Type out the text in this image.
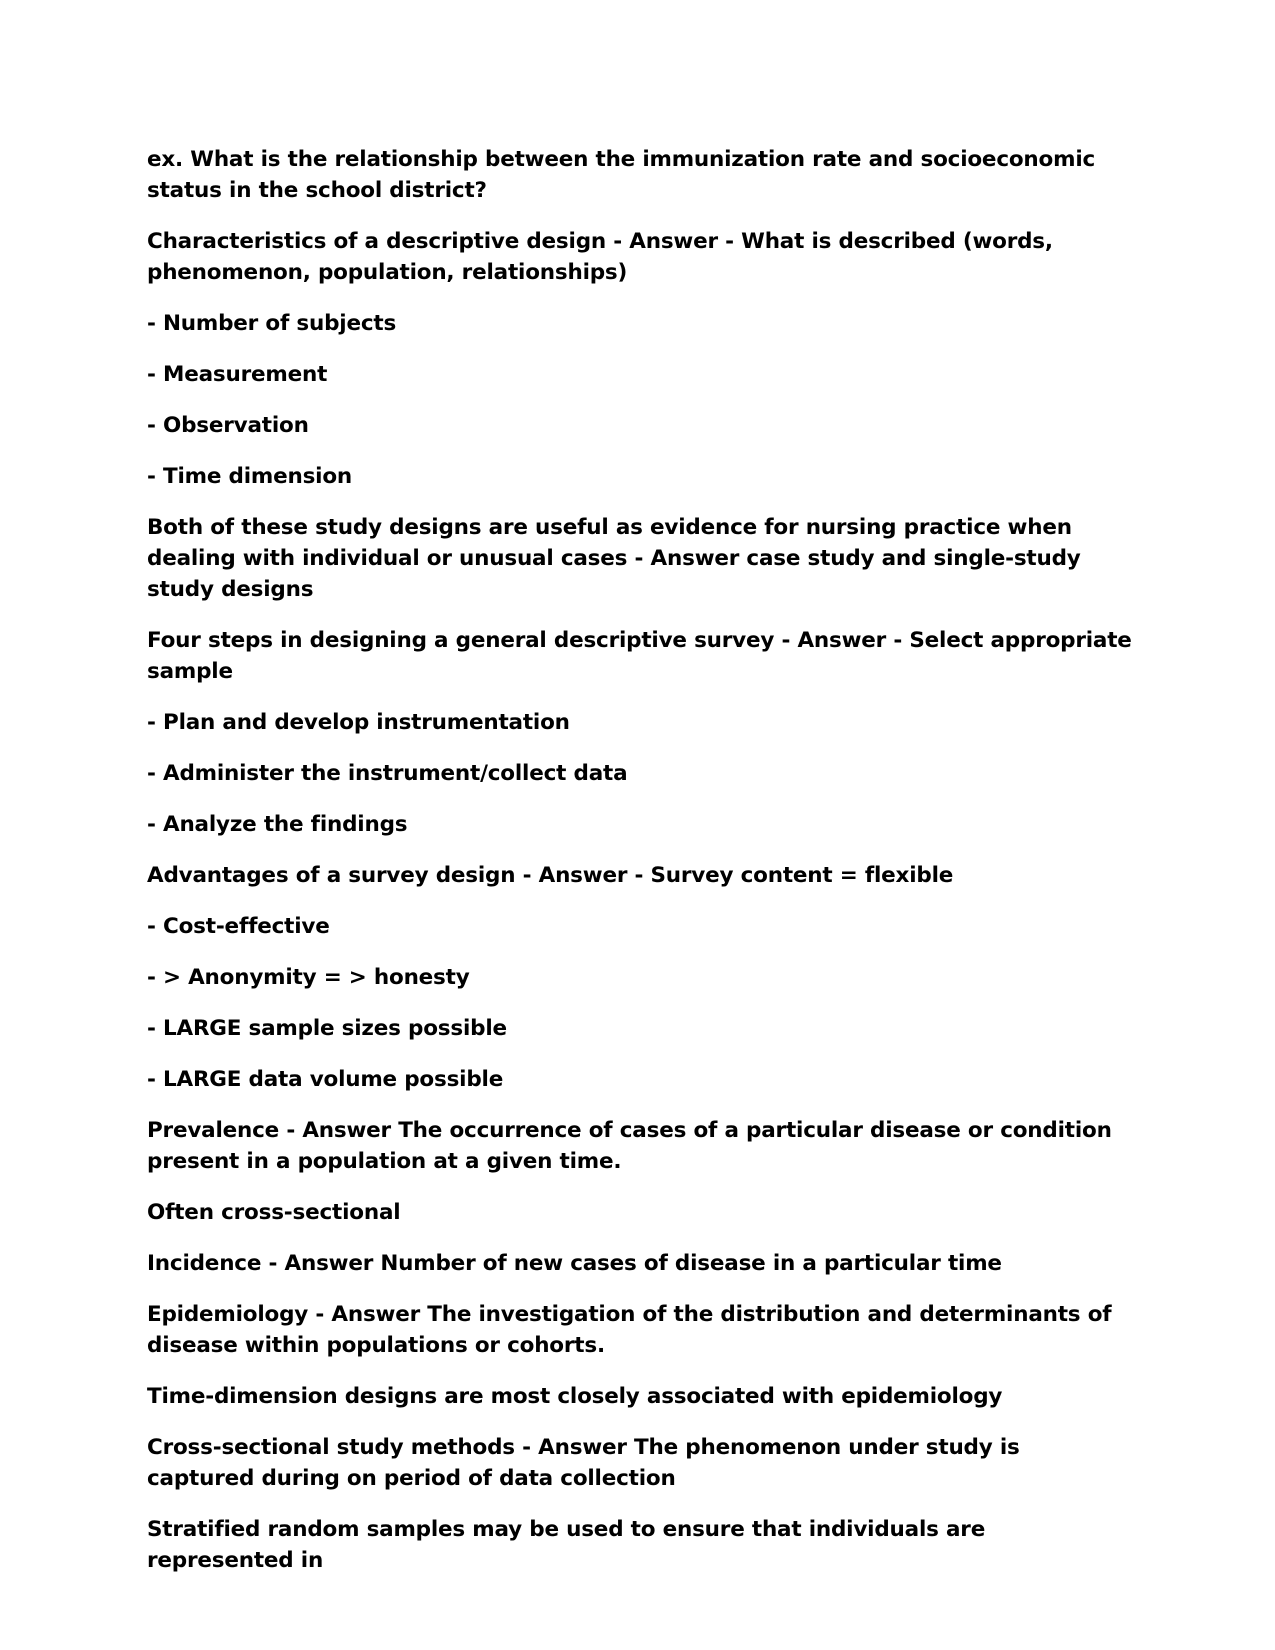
ex. What is the relationship between the immunization rate and socioeconomic status in the school district?

Characteristics of a descriptive design - Answer - What is described (words, phenomenon, population, relationships)

- Number of subjects

- Measurement

- Observation

- Time dimension

Both of these study designs are useful as evidence for nursing practice when dealing with individual or unusual cases - Answer case study and single-study study designs

Four steps in designing a general descriptive survey - Answer - Select appropriate sample

- Plan and develop instrumentation

- Administer the instrument/collect data

- Analyze the findings

Advantages of a survey design - Answer - Survey content = flexible

- Cost-effective

- > Anonymity = > honesty

- LARGE sample sizes possible

- LARGE data volume possible

Prevalence - Answer The occurrence of cases of a particular disease or condition present in a population at a given time.

Often cross-sectional

Incidence - Answer Number of new cases of disease in a particular time

Epidemiology - Answer The investigation of the distribution and determinants of disease within populations or cohorts.

Time-dimension designs are most closely associated with epidemiology

Cross-sectional study methods - Answer The phenomenon under study is captured during on period of data collection

Stratified random samples may be used to ensure that individuals are represented in
